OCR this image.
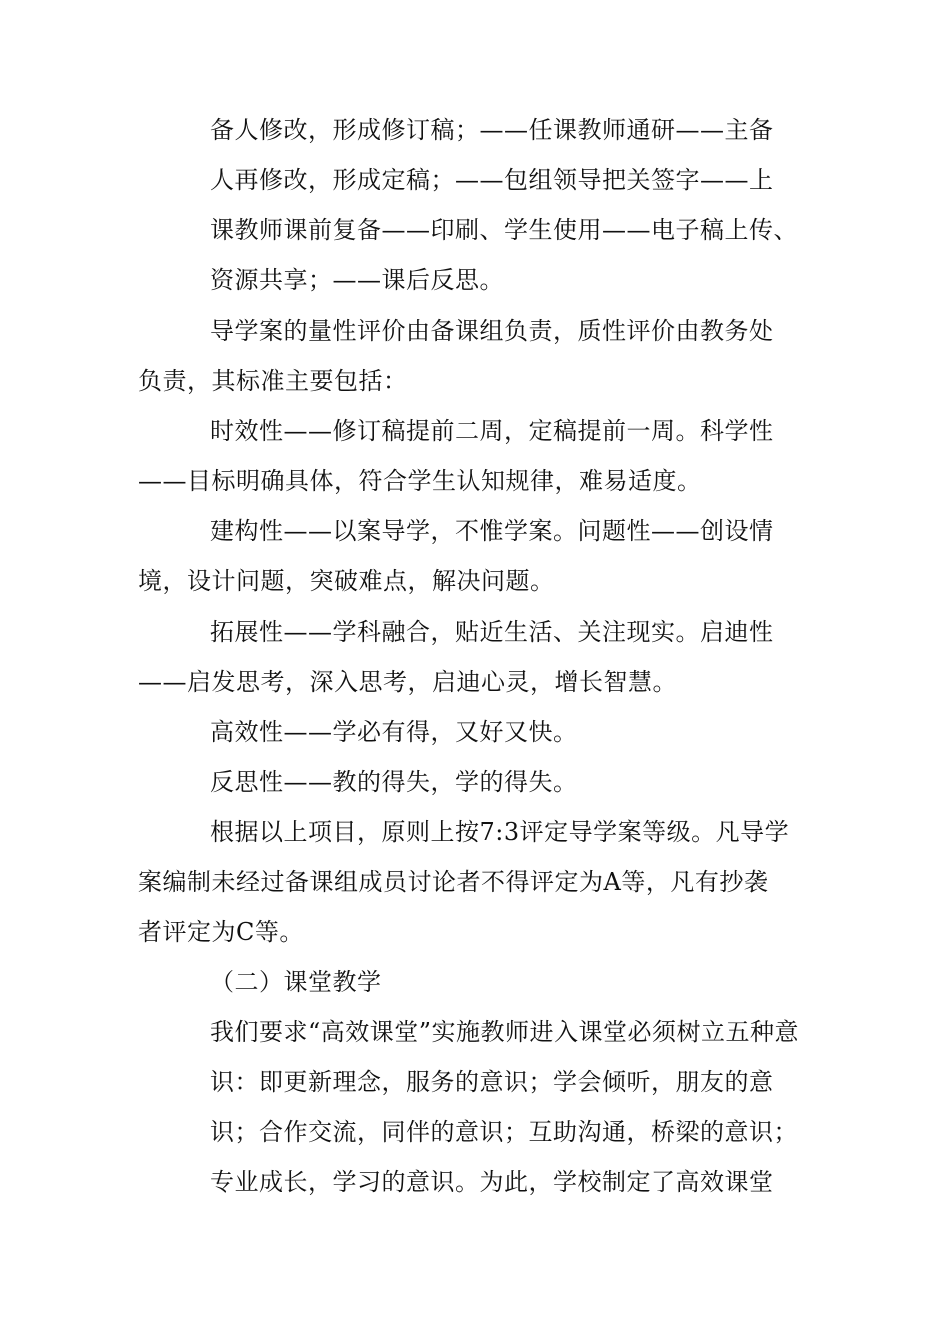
备人修改，形成修订稿；——任课教师通研——主备
人再修改，形成定稿；——包组领导把关签字——上
课教师课前复备——印刷、学生使用——电子稿上传、
资源共享；——课后反思。
导学案的量性评价由备课组负责，质性评价由教务处
负责，其标准主要包括：
时效性——修订稿提前二周，定稿提前一周。科学性
——目标明确具体，符合学生认知规律，难易适度。
建构性——以案导学，不惟学案。问题性——创设情
境，设计问题，突破难点，解决问题。
拓展性——学科融合，贴近生活、关注现实。启迪性
——启发思考，深入思考，启迪心灵，增长智慧。
高效性——学必有得，又好又快。
反思性——教的得失，学的得失。
根据以上项目，原则上按7:3评定导学案等级。凡导学
案编制未经过备课组成员讨论者不得评定为A等，凡有抄袭
者评定为C等。
（二）课堂教学
我们要求“高效课堂”实施教师进入课堂必须树立五种意
识：即更新理念，服务的意识；学会倾听，朋友的意
识；合作交流，同伴的意识；互助沟通，桥梁的意识；
专业成长，学习的意识。为此，学校制定了高效课堂
